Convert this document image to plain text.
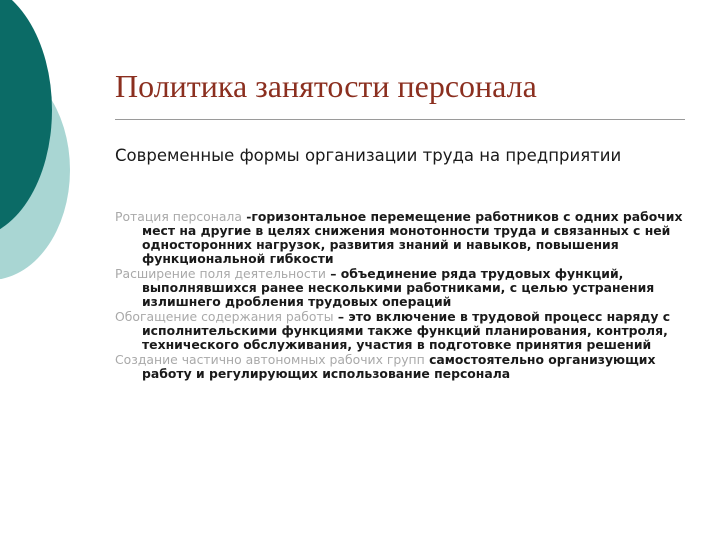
Политика занятости персонала

Современные формы организации труда на предприятии

Ротация персонала -горизонтальное перемещение работников с одних рабочих мест на другие в целях снижения монотонности труда и связанных с ней односторонних нагрузок, развития знаний и навыков, повышения функциональной гибкости
Расширение поля деятельности – объединение ряда трудовых функций, выполнявшихся ранее несколькими работниками, с целью устранения излишнего дробления трудовых операций
Обогащение содержания работы – это включение в трудовой процесс наряду с исполнительскими функциями также функций планирования, контроля, технического обслуживания, участия в подготовке принятия решений
Создание частично автономных рабочих групп самостоятельно организующих работу и регулирующих использование персонала
